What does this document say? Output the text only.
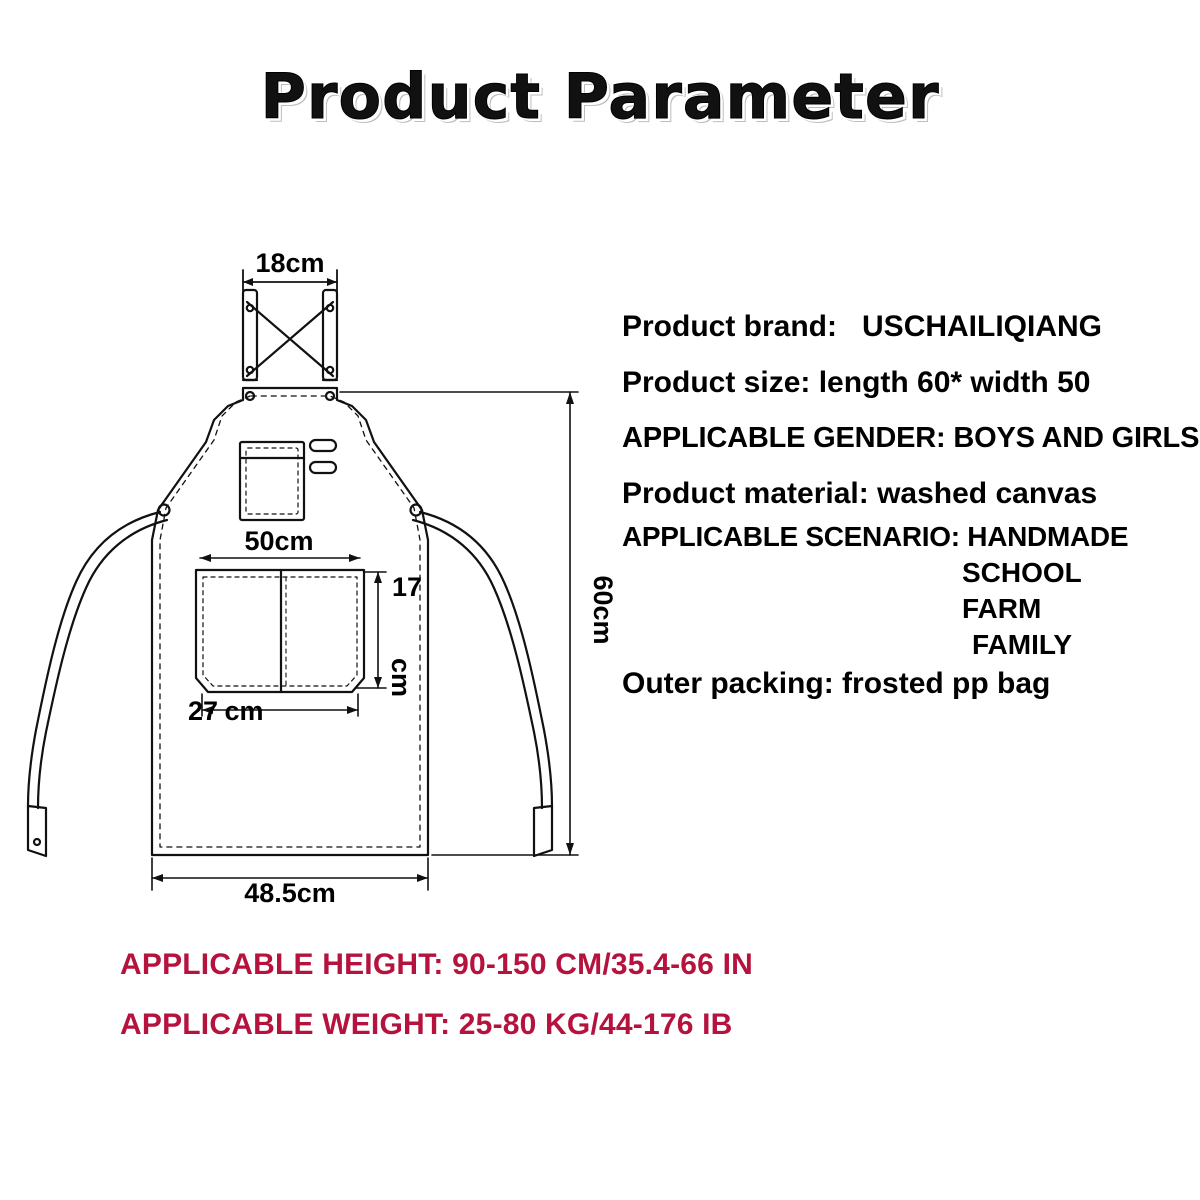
Product Parameter
18cm
50cm
27 cm
48.5cm
17
cm
60cm
Product brand: USCHAILIQIANG
Product size: length 60* width 50
APPLICABLE GENDER: BOYS AND GIRLS
Product material: washed canvas
APPLICABLE SCENARIO: HANDMADE
SCHOOL
FARM
FAMILY
Outer packing: frosted pp bag
APPLICABLE HEIGHT: 90-150 CM/35.4-66 IN
APPLICABLE WEIGHT: 25-80 KG/44-176 IB
